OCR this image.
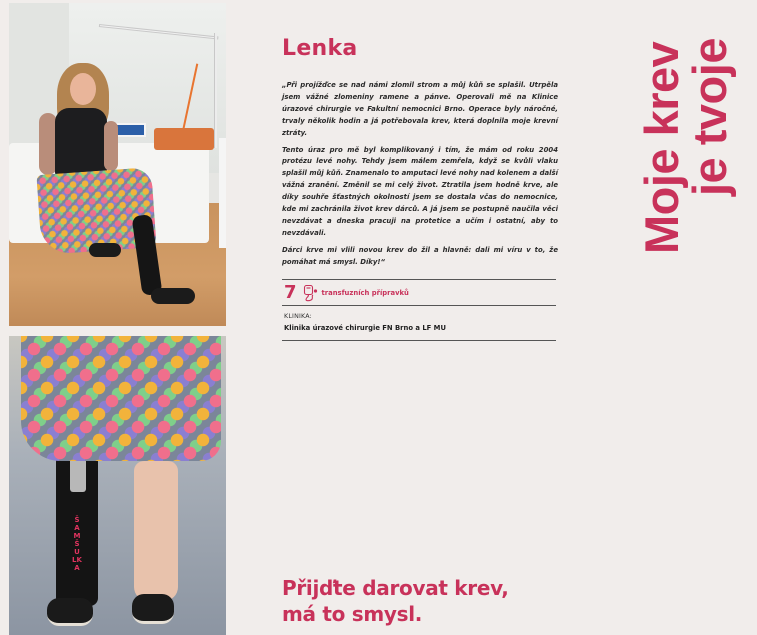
ŠAMŠULKA
Lenka

„Při projížďce se nad námi zlomil strom a můj kůň se splašil. Utrpěla jsem vážné zlomeniny ramene a pánve. Operovali mě na Klinice úrazové chirurgie ve Fakultní nemocnici Brno. Operace byly náročné, trvaly několik hodin a já potřebovala krev, která doplnila moje krevní ztráty.

Tento úraz pro mě byl komplikovaný i tím, že mám od roku 2004 protézu levé nohy. Tehdy jsem málem zemřela, když se kvůli vlaku splašil můj kůň. Znamenalo to amputaci levé nohy nad kolenem a další vážná zranění. Změnil se mi celý život. Ztratila jsem hodně krve, ale díky souhře šťastných okolností jsem se dostala včas do nemocnice, kde mi zachránila život krev dárců. A já jsem se postupně naučila věci nevzdávat a dneska pracuji na protetice a učím i ostatní, aby to nevzdávali.

Dárci krve mi vlili novou krev do žil a hlavně: dali mi víru v to, že pomáhat má smysl. Díky!“

7	transfuzních přípravků
KLINIKA:
Klinika úrazové chirurgie FN Brno a LF MU
Moje krev
je tvoje
Přijďte darovat krev,
má to smysl.
